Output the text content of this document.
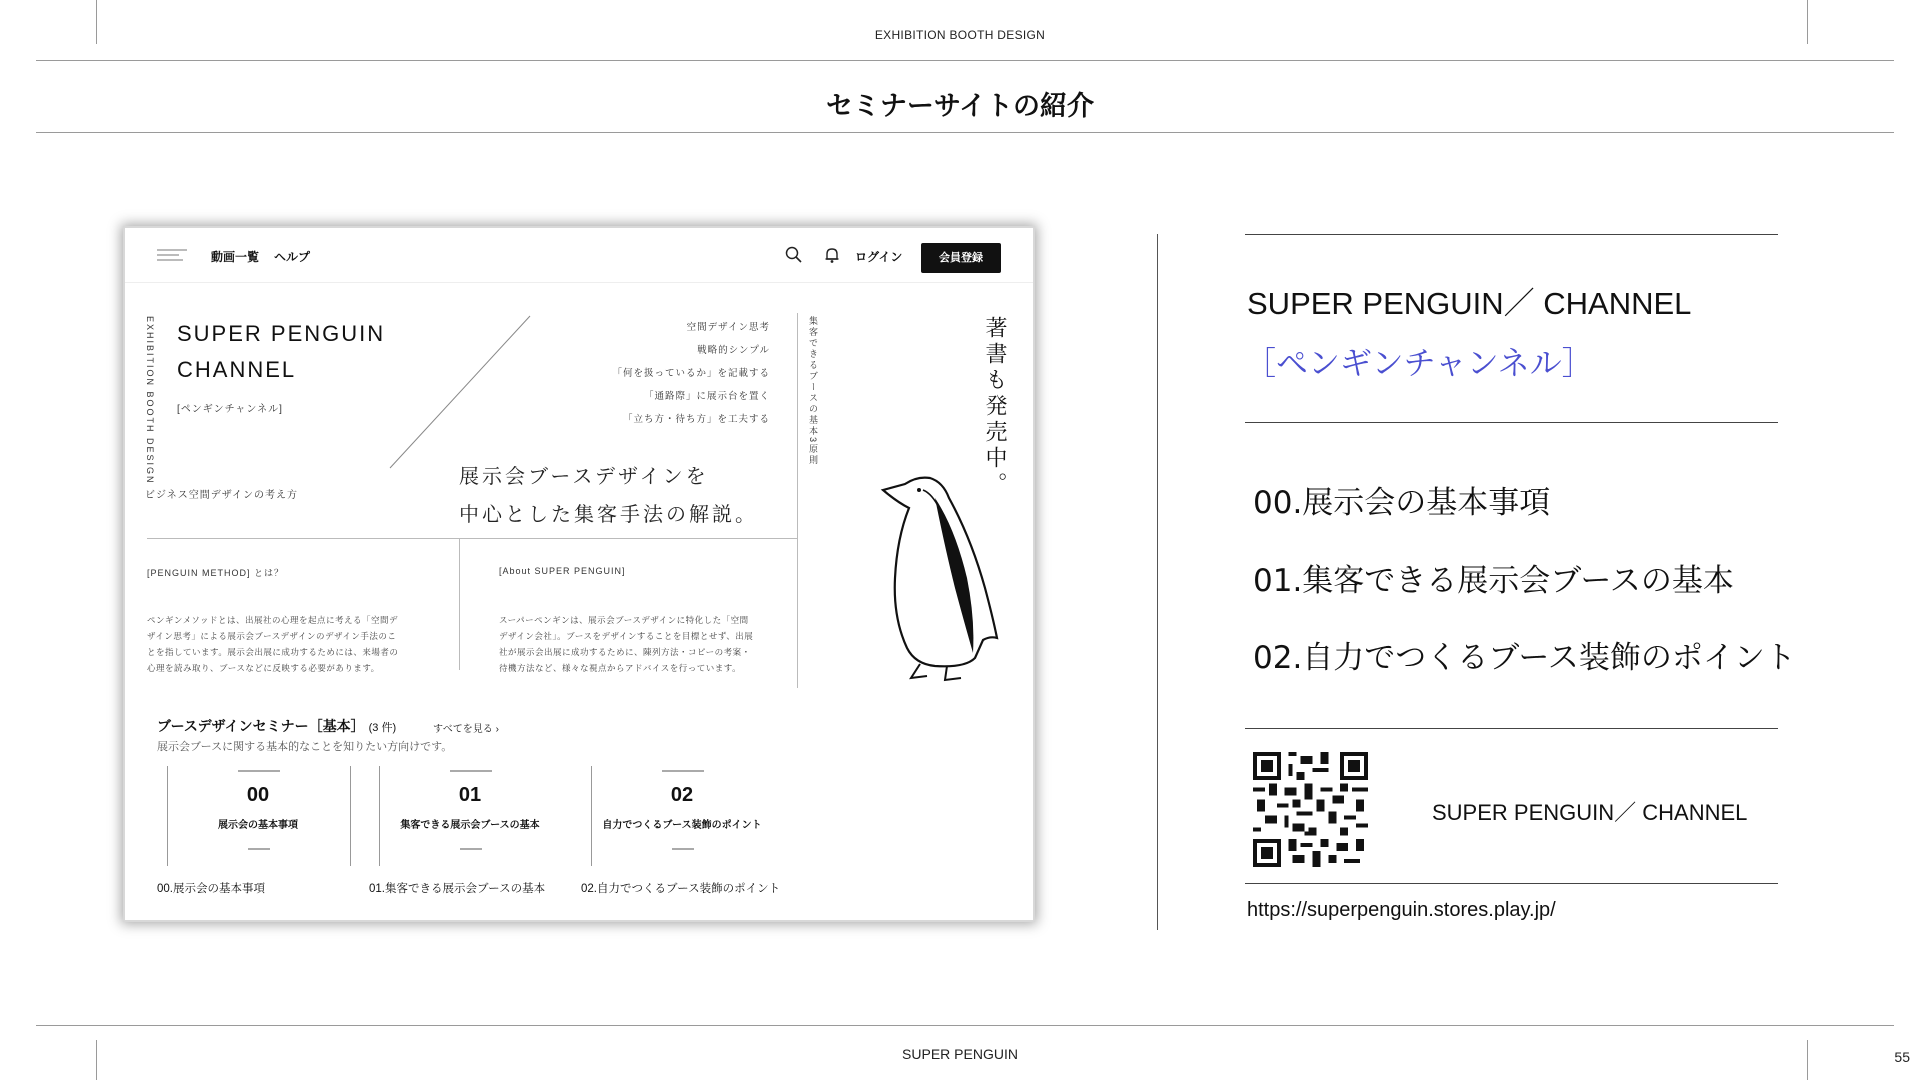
EXHIBITION BOOTH DESIGN
セミナーサイトの紹介
SUPER PENGUIN	55
動画一覧 ヘルプ	ログイン	会員登録
EXHIBITION BOOTH DESIGN SUPER PENGUIN
CHANNEL
[ペンギンチャンネル]
ビジネス空間デザインの考え方
展示会ブースデザインを
中心とした集客手法の解説。
空間デザイン思考
戦略的シンプル
「何を扱っているか」を記載する
「通路際」に展示台を置く
「立ち方・待ち方」を工夫する	集客できるブースの基本3原則	著書も発売中。
[PENGUIN METHOD] とは？
ペンギンメソッドとは、出展社の心理を起点に考える「空間デ
ザイン思考」による展示会ブースデザインのデザイン手法のこ
とを指しています。展示会出展に成功するためには、来場者の
心理を読み取り、ブースなどに反映する必要があります。
[About SUPER PENGUIN]
スーパーペンギンは、展示会ブースデザインに特化した「空間
デザイン会社」。ブースをデザインすることを目標とせず、出展
社が展示会出展に成功するために、陳列方法・コピーの考案・
待機方法など、様々な視点からアドバイスを行っています。
ブースデザインセミナー［基本］ (3 件)	すべてを見る ›
展示会ブースに関する基本的なことを知りたい方向けです。
00
展示会の基本事項
00.展示会の基本事項
01
集客できる展示会ブースの基本
01.集客できる展示会ブースの基本
02
自力でつくるブース装飾のポイント
02.自力でつくるブース装飾のポイント
SUPER PENGUIN／ CHANNEL
［ペンギンチャンネル］
00.展示会の基本事項
01.集客できる展示会ブースの基本
02.自力でつくるブース装飾のポイント
SUPER PENGUIN／ CHANNEL
https://superpenguin.stores.play.jp/
